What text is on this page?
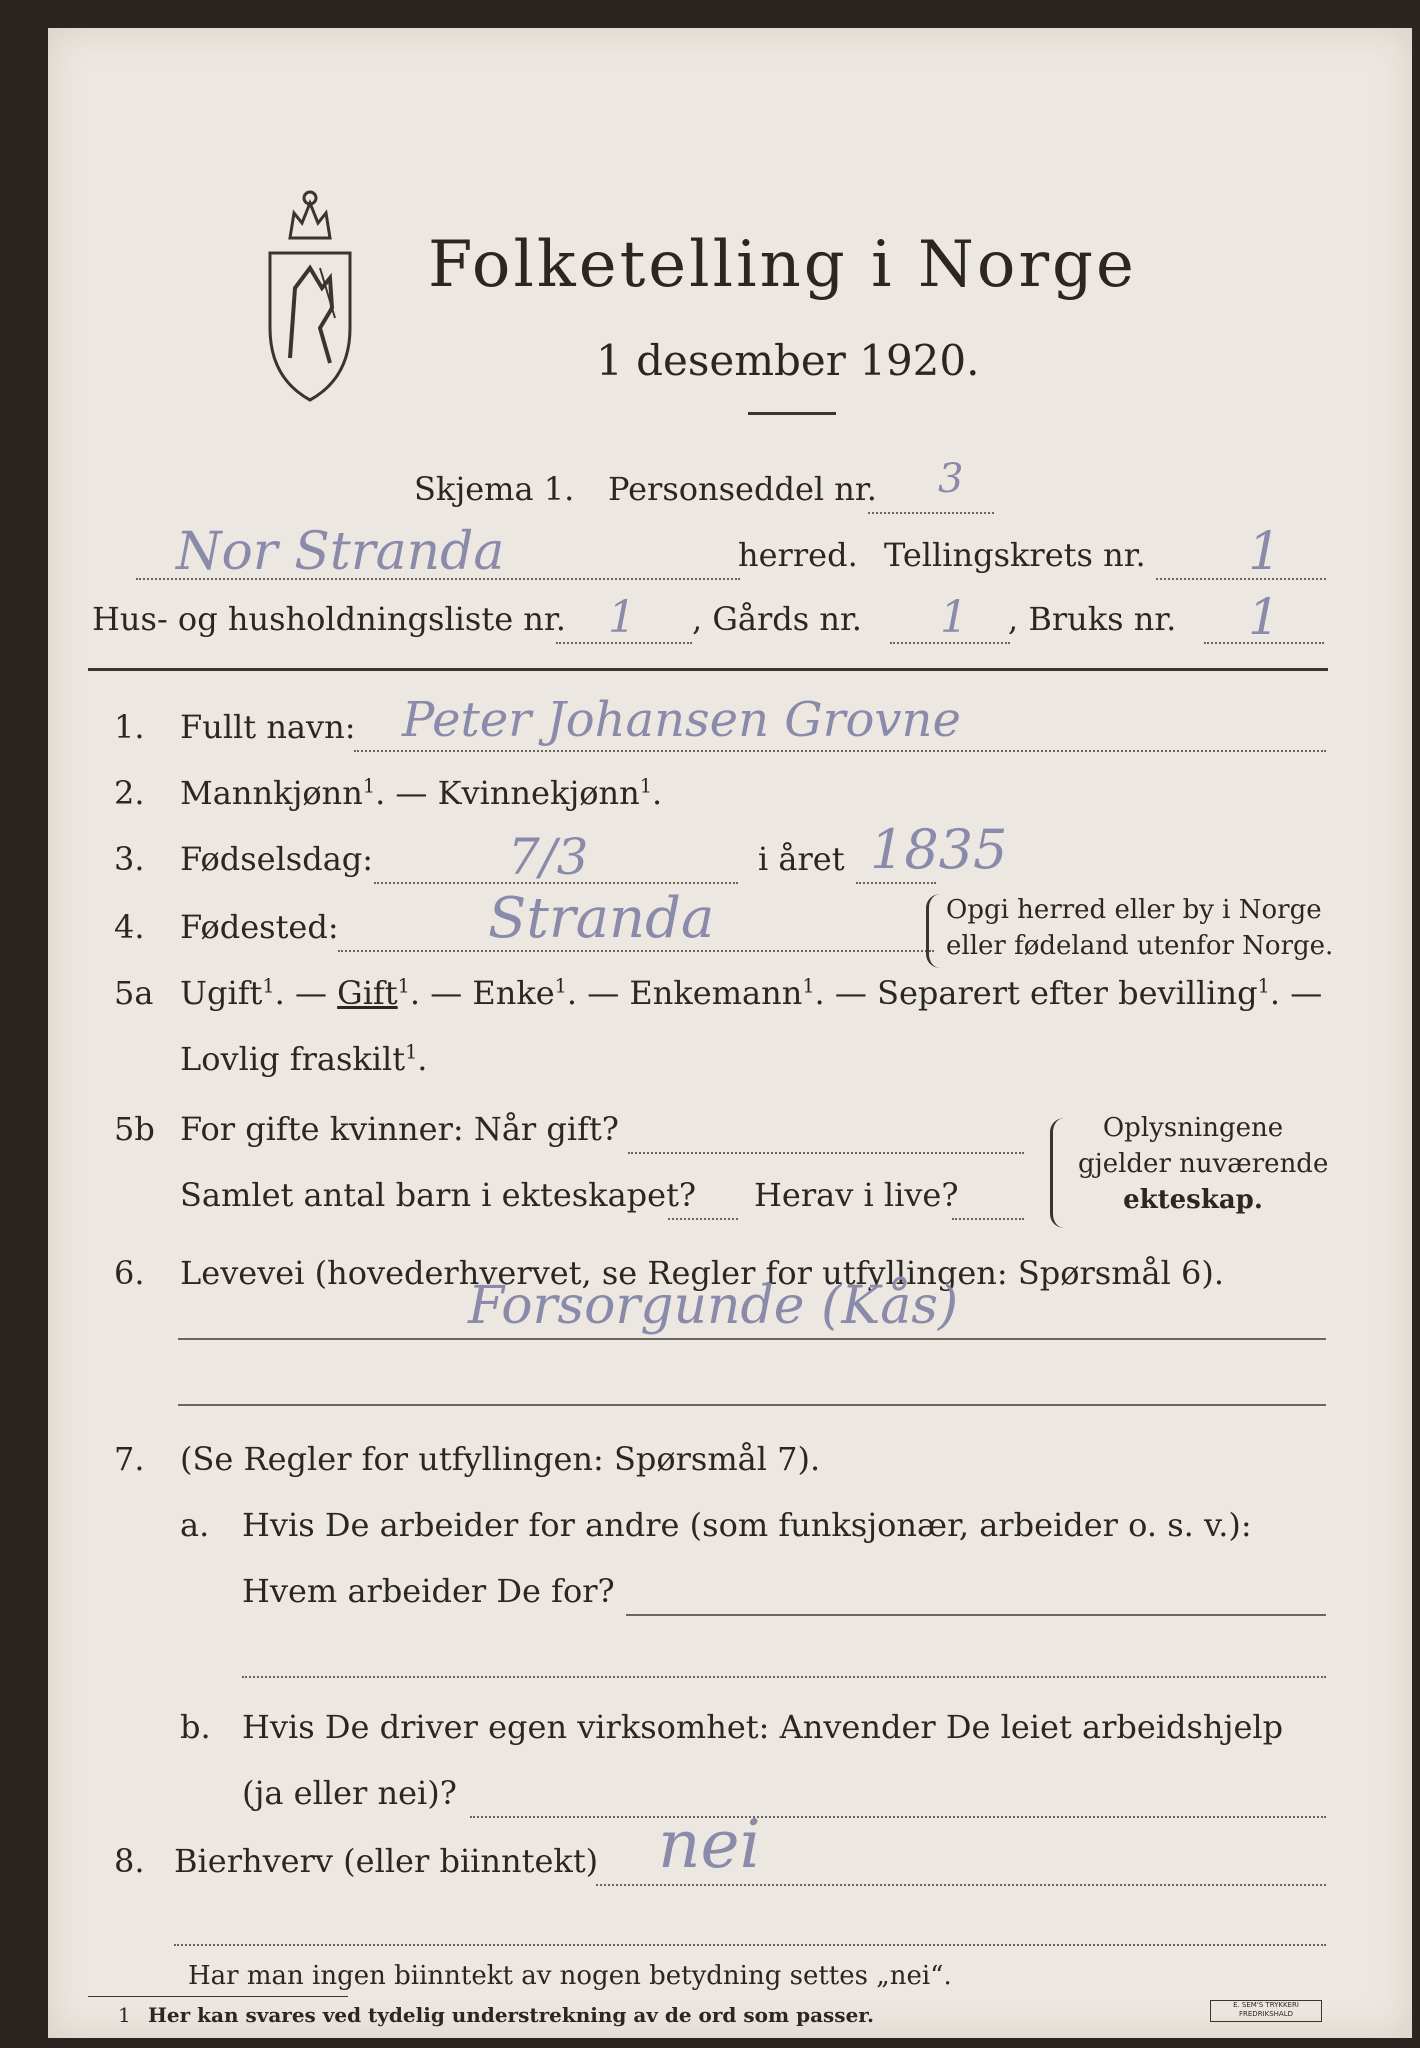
Folketelling i Norge
1 desember 1920.
Skjema 1. Personseddel nr. 3
Nor Stranda	herred. Tellingskrets nr. 1
Hus- og husholdningsliste nr. 1 , Gårds nr. 1 , Bruks nr. 1
1. Fullt navn: Peter Johansen Grovne
2. Mannkjønn$^1$. — Kvinnekjønn$^1$.
3. Fødselsdag:	7/3	i året 1835
4. Fødested:	Stranda	Opgi herred eller by i Norge
eller fødeland utenfor Norge.
5a Ugift$^1$. — Gift$^1$. — Enke$^1$. — Enkemann$^1$. — Separert efter bevilling$^1$. —
Lovlig fraskilt$^1$.
5b For gifte kvinner: Når gift?
Samlet antal barn i ekteskapet? Herav i live?
Oplysningene
gjelder nuværende
ekteskap.
6. Levevei (hovederhvervet, se Regler for utfyllingen: Spørsmål 6).
Forsorgunde (Kås)
7. (Se Regler for utfyllingen: Spørsmål 7).
a. Hvis De arbeider for andre (som funksjonær, arbeider o. s. v.):
Hvem arbeider De for?
b. Hvis De driver egen virksomhet: Anvender De leiet arbeidshjelp
(ja eller nei)?
8. Bierhverv (eller biinntekt) nei
Har man ingen biinntekt av nogen betydning settes „nei“.
1 Her kan svares ved tydelig understrekning av de ord som passer.	E. SEM'S TRYKKERI FREDRIKSHALD
